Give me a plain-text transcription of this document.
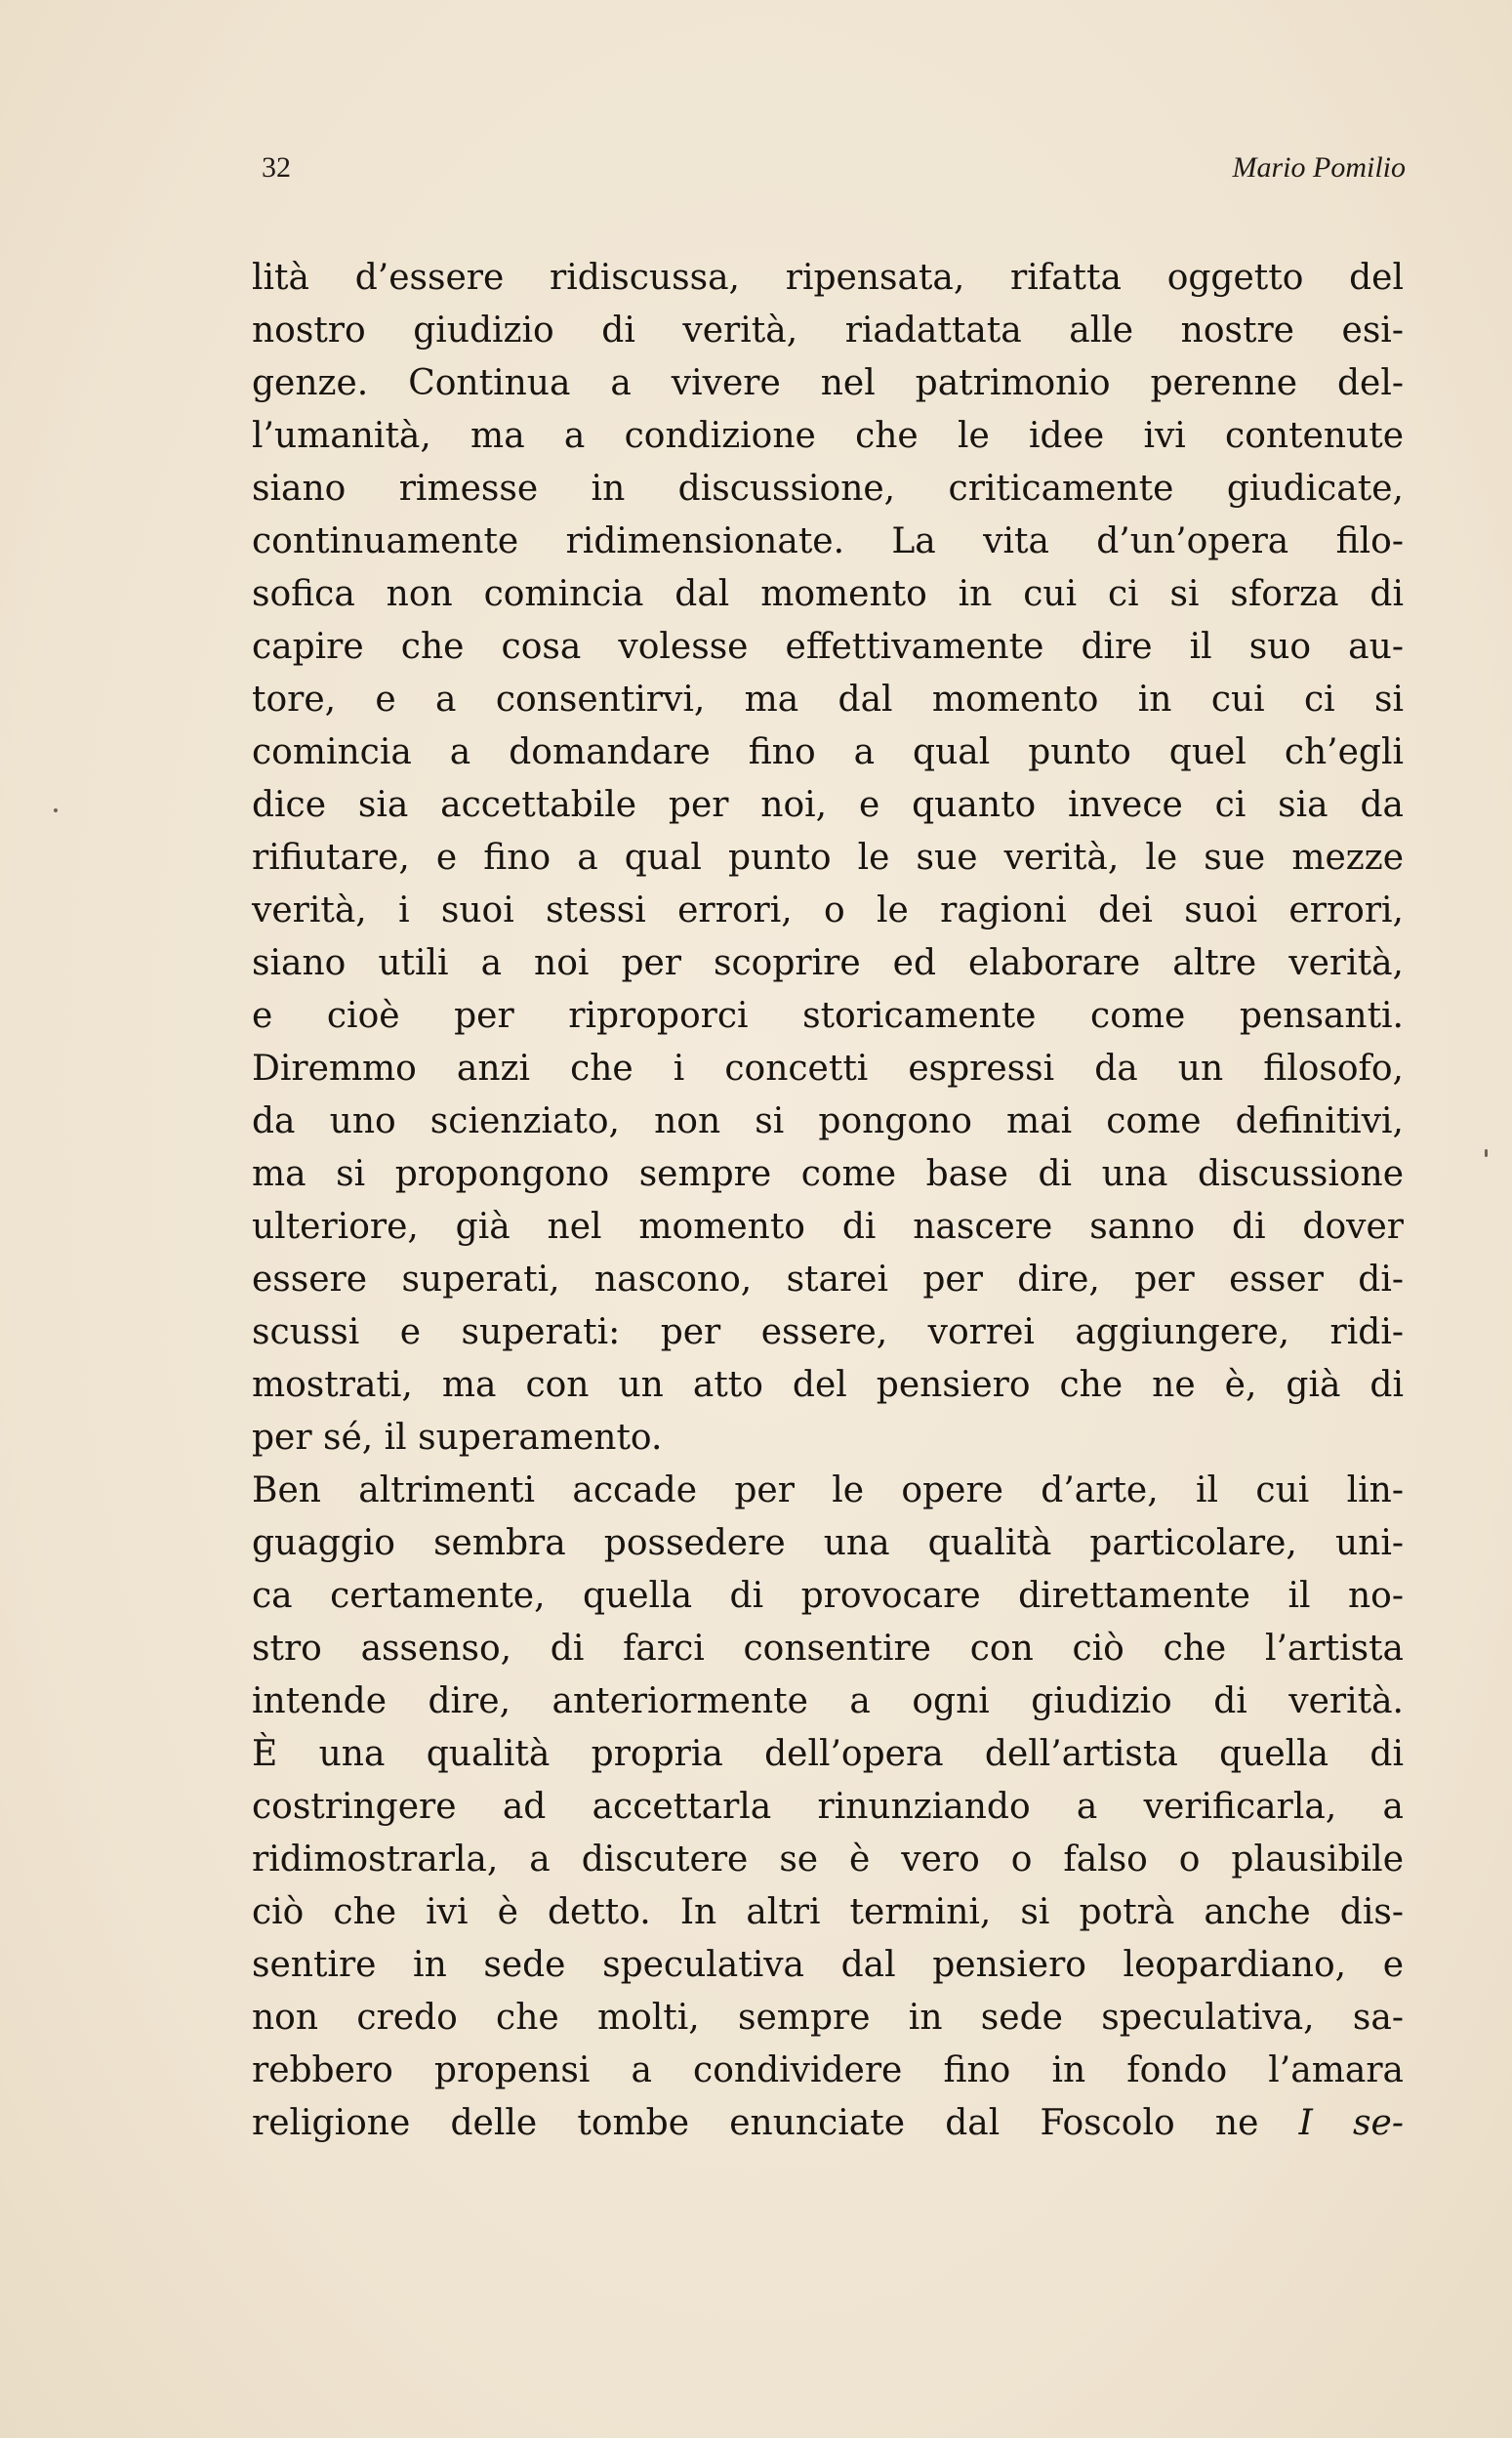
32	Mario Pomilio
lità d’essere ridiscussa, ripensata, rifatta oggetto del
nostro giudizio di verità, riadattata alle nostre esi-
genze. Continua a vivere nel patrimonio perenne del-
l’umanità, ma a condizione che le idee ivi contenute
siano rimesse in discussione, criticamente giudicate,
continuamente ridimensionate. La vita d’un’opera filo-
sofica non comincia dal momento in cui ci si sforza di
capire che cosa volesse effettivamente dire il suo au-
tore, e a consentirvi, ma dal momento in cui ci si
comincia a domandare fino a qual punto quel ch’egli
dice sia accettabile per noi, e quanto invece ci sia da
rifiutare, e fino a qual punto le sue verità, le sue mezze
verità, i suoi stessi errori, o le ragioni dei suoi errori,
siano utili a noi per scoprire ed elaborare altre verità,
e cioè per riproporci storicamente come pensanti.
Diremmo anzi che i concetti espressi da un filosofo,
da uno scienziato, non si pongono mai come definitivi,
ma si propongono sempre come base di una discussione
ulteriore, già nel momento di nascere sanno di dover
essere superati, nascono, starei per dire, per esser di-
scussi e superati: per essere, vorrei aggiungere, ridi-
mostrati, ma con un atto del pensiero che ne è, già di
per sé, il superamento.
Ben altrimenti accade per le opere d’arte, il cui lin-
guaggio sembra possedere una qualità particolare, uni-
ca certamente, quella di provocare direttamente il no-
stro assenso, di farci consentire con ciò che l’artista
intende dire, anteriormente a ogni giudizio di verità.
È una qualità propria dell’opera dell’artista quella di
costringere ad accettarla rinunziando a verificarla, a
ridimostrarla, a discutere se è vero o falso o plausibile
ciò che ivi è detto. In altri termini, si potrà anche dis-
sentire in sede speculativa dal pensiero leopardiano, e
non credo che molti, sempre in sede speculativa, sa-
rebbero propensi a condividere fino in fondo l’amara
religione delle tombe enunciate dal Foscolo ne I se-
